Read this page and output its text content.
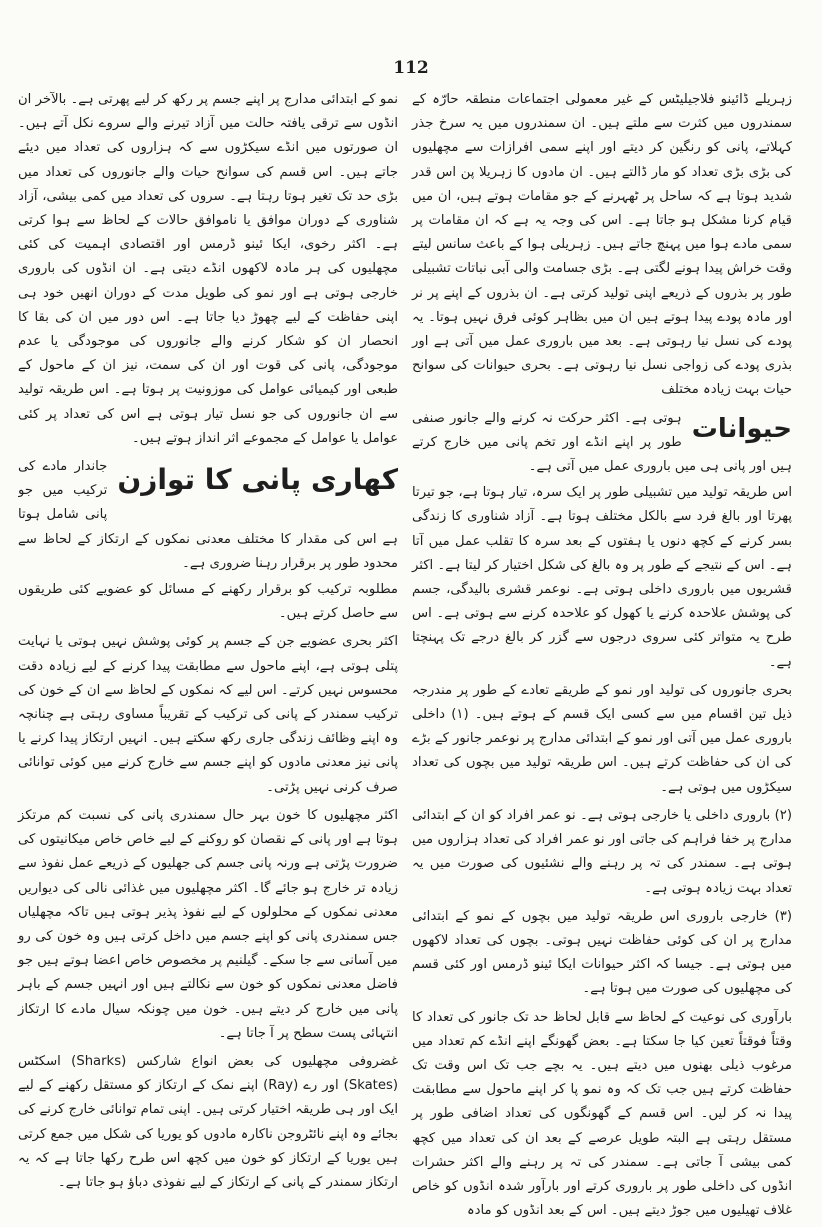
112

زہریلے ڈائینو فلاجیلیٹس کے غیر معمولی اجتماعات منطقہ حارّہ کے سمندروں میں کثرت سے ملتے ہیں۔ ان سمندروں میں یہ سرخ جذر کہلاتے، پانی کو رنگین کر دیتے اور اپنے سمی افرازات سے مچھلیوں کی بڑی بڑی تعداد کو مار ڈالتے ہیں۔ ان مادوں کا زہریلا پن اس قدر شدید ہوتا ہے کہ ساحل پر ٹھہرنے کے جو مقامات ہوتے ہیں، ان میں قیام کرنا مشکل ہو جاتا ہے۔ اس کی وجہ یہ ہے کہ ان مقامات پر سمی مادے ہوا میں پہنچ جاتے ہیں۔ زہریلی ہوا کے باعث سانس لیتے وقت خراش پیدا ہونے لگتی ہے۔ بڑی جسامت والی آبی نباتات تشبیلی طور پر بذروں کے ذریعے اپنی تولید کرتی ہے۔ ان بذروں کے اپنے پر نر اور مادہ پودے پیدا ہوتے ہیں ان میں بظاہر کوئی فرق نہیں ہوتا۔ یہ پودے کی نسل نیا رہوتی ہے۔ بعد میں باروری عمل میں آتی ہے اور بذری پودے کی زواجی نسل نیا رہوتی ہے۔ بحری حیوانات کی سوانح حیات بہت زیادہ مختلف

حیوانات
ہوتی ہے۔ اکثر حرکت نہ کرنے والے جانور صنفی طور پر اپنے انڈے اور تخم پانی میں خارج کرتے ہیں اور پانی ہی میں باروری عمل میں آتی ہے۔

اس طریقہ تولید میں تشبیلی طور پر ایک سرہ، تیار ہوتا ہے، جو تیرتا پھرتا اور بالغ فرد سے بالکل مختلف ہوتا ہے۔ آزاد شناوری کا زندگی بسر کرنے کے کچھ دنوں یا ہفتوں کے بعد سرہ کا تقلب عمل میں آتا ہے۔ اس کے نتیجے کے طور پر وہ بالغ کی شکل اختیار کر لیتا ہے۔ اکثر قشریوں میں باروری داخلی ہوتی ہے۔ نوعمر قشری بالیدگی، جسم کی پوشش علاحدہ کرنے یا کھول کو علاحدہ کرنے سے ہوتی ہے۔ اس طرح یہ متواتر کئی سروی درجوں سے گزر کر بالغ درجے تک پہنچتا ہے۔

بحری جانوروں کی تولید اور نمو کے طریقے تعادے کے طور پر مندرجہ ذیل تین اقسام میں سے کسی ایک قسم کے ہوتے ہیں۔ (۱) داخلی باروری عمل میں آتی اور نمو کے ابتدائی مدارج پر نوعمر جانور کے بڑے کی ان کی حفاظت کرتے ہیں۔ اس طریقہ تولید میں بچوں کی تعداد سیکڑوں میں ہوتی ہے۔

(۲) باروری داخلی یا خارجی ہوتی ہے۔ نو عمر افراد کو ان کے ابتدائی مدارج پر خفا فراہم کی جاتی اور نو عمر افراد کی تعداد ہزاروں میں ہوتی ہے۔ سمندر کی تہ پر رہنے والے نشئیوں کی صورت میں یہ تعداد بہت زیادہ ہوتی ہے۔

(۳) خارجی باروری اس طریقہ تولید میں بچوں کے نمو کے ابتدائی مدارج پر ان کی کوئی حفاظت نہیں ہوتی۔ بچوں کی تعداد لاکھوں میں ہوتی ہے۔ جیسا کہ اکثر حیوانات ایکا ئینو ڈرمس اور کئی قسم کی مچھلیوں کی صورت میں ہوتا ہے۔

بارآوری کی نوعیت کے لحاظ سے قابل لحاظ حد تک جانور کی تعداد کا وقتاً فوقتاً تعین کیا جا سکتا ہے۔ بعض گھونگے اپنے انڈے کم تعداد میں مرغوب ذیلی بھنوں میں دیتے ہیں۔ یہ بچے جب تک اس وقت تک حفاظت کرتے ہیں جب تک کہ وہ نمو پا کر اپنے ماحول سے مطابقت پیدا نہ کر لیں۔ اس قسم کے گھونگوں کی تعداد اضافی طور پر مستقل رہتی ہے البتہ طویل عرصے کے بعد ان کی تعداد میں کچھ کمی بیشی آ جاتی ہے۔ سمندر کی تہ پر رہنے والے اکثر حشرات انڈوں کی داخلی طور پر باروری کرتے اور بارآور شدہ انڈوں کو خاص غلاف تھیلیوں میں جوڑ دیتے ہیں۔ اس کے بعد انڈوں کو مادہ

نمو کے ابتدائی مدارج پر اپنے جسم پر رکھ کر لیے پھرتی ہے۔ بالآخر ان انڈوں سے ترقی یافتہ حالت میں آزاد تیرنے والے سروے نکل آتے ہیں۔ ان صورتوں میں انڈے سیکڑوں سے کہ ہزاروں کی تعداد میں دیئے جاتے ہیں۔ اس قسم کی سوانح حیات والے جانوروں کی تعداد میں بڑی حد تک تغیر ہوتا رہتا ہے۔ سروں کی تعداد میں کمی بیشی، آزاد شناوری کے دوران موافق یا ناموافق حالات کے لحاظ سے ہوا کرتی ہے۔ اکثر رخوی، ایکا ئینو ڈرمس اور اقتصادی اہمیت کی کئی مچھلیوں کی ہر مادہ لاکھوں انڈے دیتی ہے۔ ان انڈوں کی باروری خارجی ہوتی ہے اور نمو کی طویل مدت کے دوران انھیں خود ہی اپنی حفاظت کے لیے چھوڑ دیا جاتا ہے۔ اس دور میں ان کی بقا کا انحصار ان کو شکار کرنے والے جانوروں کی موجودگی یا عدم موجودگی، پانی کی قوت اور ان کی سمت، نیز ان کے ماحول کے طبعی اور کیمیائی عوامل کی موزونیت پر ہوتا ہے۔ اس طریقہ تولید سے ان جانوروں کی جو نسل تیار ہوتی ہے اس کی تعداد پر کئی عوامل یا عوامل کے مجموعے اثر انداز ہوتے ہیں۔

کھاری پانی کا توازن
جاندار مادے کی ترکیب میں جو پانی شامل ہوتا ہے اس کی مقدار کا مختلف معدنی نمکوں کے ارتکاز کے لحاظ سے محدود طور پر برقرار رہنا ضروری ہے۔

مطلوبہ ترکیب کو برقرار رکھنے کے مسائل کو عضویے کئی طریقوں سے حاصل کرتے ہیں۔

اکثر بحری عضویے جن کے جسم پر کوئی پوشش نہیں ہوتی یا نہایت پتلی ہوتی ہے، اپنے ماحول سے مطابقت پیدا کرنے کے لیے زیادہ دقت محسوس نہیں کرتے۔ اس لیے کہ نمکوں کے لحاظ سے ان کے خون کی ترکیب سمندر کے پانی کی ترکیب کے تقریباً مساوی رہتی ہے چنانچہ وہ اپنے وظائف زندگی جاری رکھ سکتے ہیں۔ انہیں ارتکاز پیدا کرنے یا پانی نیز معدنی مادوں کو اپنے جسم سے خارج کرنے میں کوئی توانائی صرف کرنی نہیں پڑتی۔

اکثر مچھلیوں کا خون بہر حال سمندری پانی کی نسبت کم مرتکز ہوتا ہے اور پانی کے نقصان کو روکنے کے لیے خاص خاص میکانیتوں کی ضرورت پڑتی ہے ورنہ پانی جسم کی جھلیوں کے ذریعے عمل نفوذ سے زیادہ تر خارج ہو جائے گا۔ اکثر مچھلیوں میں غذائی نالی کی دیواریں معدنی نمکوں کے محلولوں کے لیے نفوذ پذیر ہوتی ہیں تاکہ مچھلیاں جس سمندری پانی کو اپنے جسم میں داخل کرتی ہیں وہ خون کی رو میں آسانی سے جا سکے۔ گیلنیم پر مخصوص خاص اعضا ہوتے ہیں جو فاضل معدنی نمکوں کو خون سے نکالتے ہیں اور انہیں جسم کے باہر پانی میں خارج کر دیتے ہیں۔ خون میں چونکہ سیال مادے کا ارتکاز انتہائی پست سطح پر آ جاتا ہے۔

غضروفی مچھلیوں کی بعض انواع شارکس (Sharks) اسکٹس (Skates) اور رے (Ray) اپنے نمک کے ارتکاز کو مستقل رکھنے کے لیے ایک اور ہی طریقہ اختیار کرتی ہیں۔ اپنی تمام توانائی خارج کرنے کی بجائے وہ اپنے نائٹروجن ناکارہ مادوں کو یوریا کی شکل میں جمع کرتی ہیں یوریا کے ارتکاز کو خون میں کچھ اس طرح رکھا جاتا ہے کہ یہ ارتکاز سمندر کے پانی کے ارتکاز کے لیے نفوذی دباؤ ہو جاتا ہے۔
